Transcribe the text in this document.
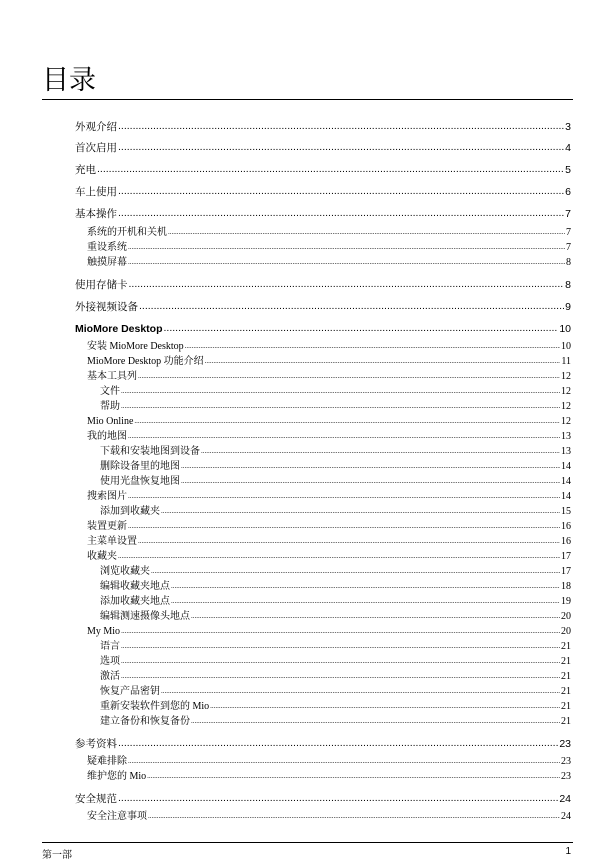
目录
外观介绍 .....	3
首次启用 .....	4
充电 .....	5
车上使用 .....	6
基本操作 .....	7
系统的开机和关机 .....	7
重设系统 .....	7
触摸屏幕 .....	8
使用存储卡 .....	8
外接视频设备 .....	9
MioMore Desktop .....	10
安装 MioMore Desktop .....	10
MioMore Desktop 功能介绍 .....	11
基本工具列 .....	12
文件 .....	12
帮助 .....	12
Mio Online .....	12
我的地图 .....	13
下载和安装地图到设备 .....	13
删除设备里的地图 .....	14
使用光盘恢复地图 .....	14
搜索图片 .....	14
添加到收藏夹 .....	15
装置更新 .....	16
主菜单设置 .....	16
收藏夹 .....	17
浏览收藏夹 .....	17
编辑收藏夹地点 .....	18
添加收藏夹地点 .....	19
编辑测速摄像头地点 .....	20
My Mio .....	20
语言 .....	21
选项 .....	21
激活 .....	21
恢复产品密钥 .....	21
重新安装软件到您的 Mio .....	21
建立备份和恢复备份 .....	21
参考资料 .....	23
疑难排除 .....	23
维护您的 Mio .....	23
安全规范 .....	24
安全注意事项 .....	24
第一部	1
